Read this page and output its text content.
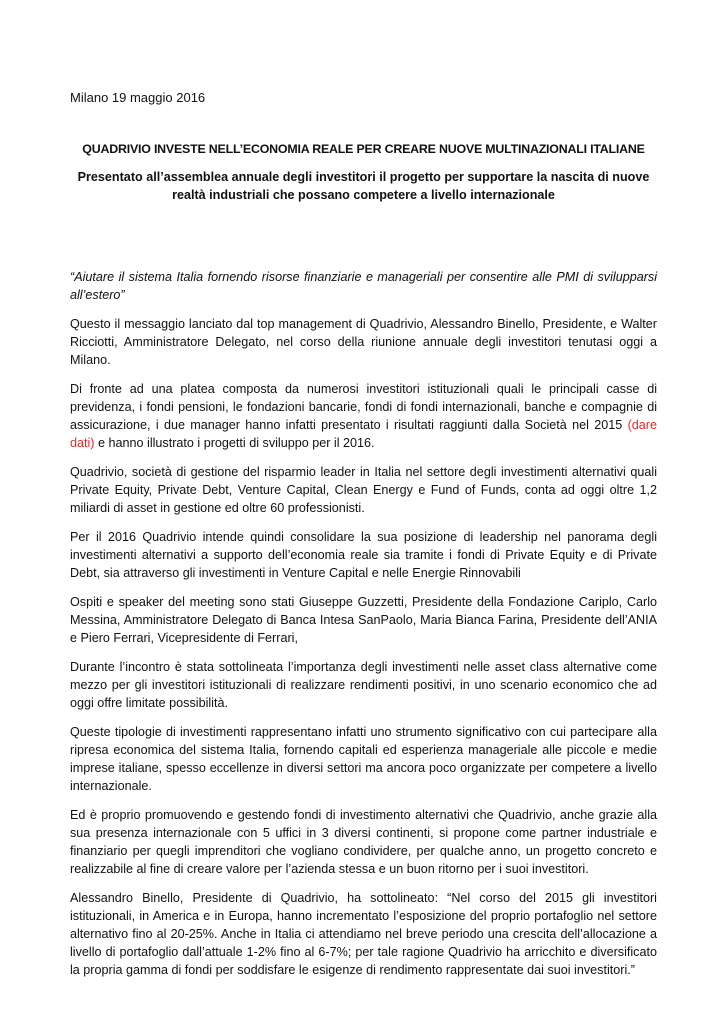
Milano 19 maggio 2016
QUADRIVIO INVESTE NELL’ECONOMIA REALE PER CREARE NUOVE MULTINAZIONALI ITALIANE
Presentato all’assemblea annuale degli investitori il progetto per supportare la nascita di nuove realtà industriali che possano competere a livello internazionale

“Aiutare il sistema Italia fornendo risorse finanziarie e manageriali per consentire alle PMI di svilupparsi all’estero”

Questo il messaggio lanciato dal top management di Quadrivio, Alessandro Binello, Presidente, e Walter Ricciotti, Amministratore Delegato, nel corso della riunione annuale degli investitori tenutasi oggi a Milano.

Di fronte ad una platea composta da numerosi investitori istituzionali quali le principali casse di previdenza, i fondi pensioni, le fondazioni bancarie, fondi di fondi internazionali, banche e compagnie di assicurazione, i due manager hanno infatti presentato i risultati raggiunti dalla Società nel 2015 (dare dati) e hanno illustrato i progetti di sviluppo per il 2016.

Quadrivio, società di gestione del risparmio leader in Italia nel settore degli investimenti alternativi quali Private Equity, Private Debt, Venture Capital, Clean Energy e Fund of Funds, conta ad oggi oltre 1,2 miliardi di asset in gestione ed oltre 60 professionisti.

Per il 2016 Quadrivio intende quindi consolidare la sua posizione di leadership nel panorama degli investimenti alternativi a supporto dell’economia reale sia tramite i fondi di Private Equity e di Private Debt, sia attraverso gli investimenti in Venture Capital e nelle Energie Rinnovabili

Ospiti e speaker del meeting sono stati Giuseppe Guzzetti, Presidente della Fondazione Cariplo, Carlo Messina, Amministratore Delegato di Banca Intesa SanPaolo, Maria Bianca Farina, Presidente dell’ANIA e Piero Ferrari, Vicepresidente di Ferrari,

Durante l’incontro è stata sottolineata l’importanza degli investimenti nelle asset class alternative come mezzo per gli investitori istituzionali di realizzare rendimenti positivi, in uno scenario economico che ad oggi offre limitate possibilità.

Queste tipologie di investimenti rappresentano infatti uno strumento significativo con cui partecipare alla ripresa economica del sistema Italia, fornendo capitali ed esperienza manageriale alle piccole e medie imprese italiane, spesso eccellenze in diversi settori ma ancora poco organizzate per competere a livello internazionale.

Ed è proprio promuovendo e gestendo fondi di investimento alternativi che Quadrivio, anche grazie alla sua presenza internazionale con 5 uffici in 3 diversi continenti, si propone come partner industriale e finanziario per quegli imprenditori che vogliano condividere, per qualche anno, un progetto concreto e realizzabile al fine di creare valore per l’azienda stessa e un buon ritorno per i suoi investitori.

Alessandro Binello, Presidente di Quadrivio, ha sottolineato: “Nel corso del 2015 gli investitori istituzionali, in America e in Europa, hanno incrementato l’esposizione del proprio portafoglio nel settore alternativo fino al 20-25%. Anche in Italia ci attendiamo nel breve periodo una crescita dell’allocazione a livello di portafoglio dall’attuale 1-2% fino al 6-7%; per tale ragione Quadrivio ha arricchito e diversificato la propria gamma di fondi per soddisfare le esigenze di rendimento rappresentate dai suoi investitori.”
